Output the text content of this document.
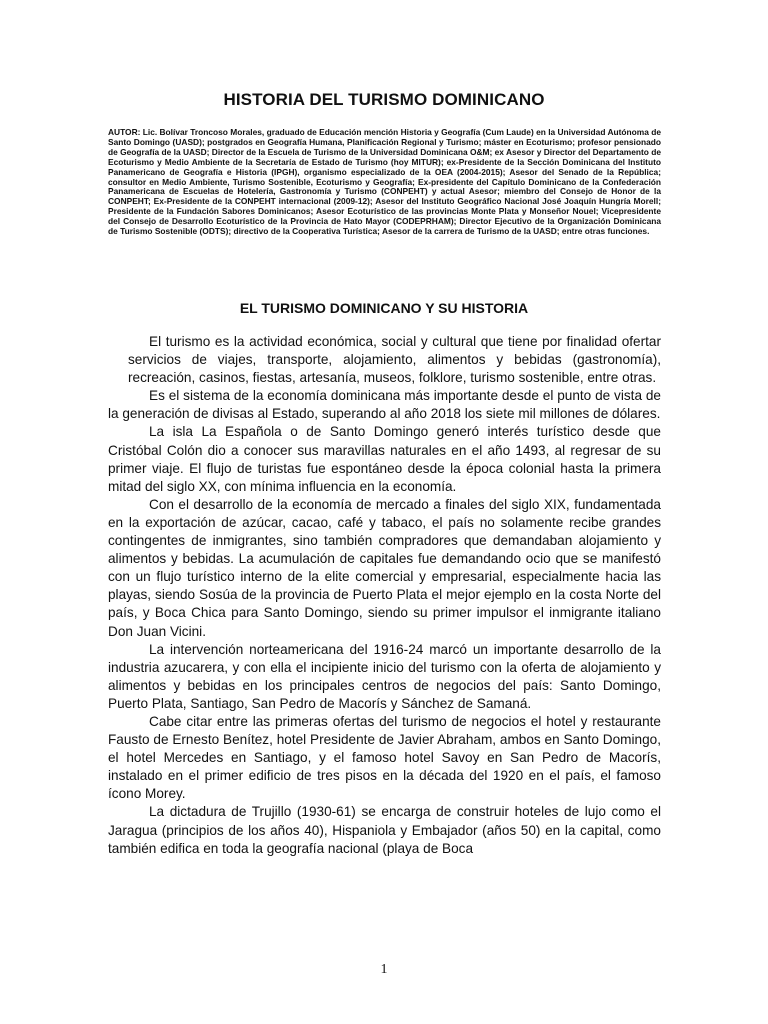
HISTORIA DEL TURISMO DOMINICANO
AUTOR: Lic. Bolívar Troncoso Morales, graduado de Educación mención Historia y Geografía (Cum Laude) en la Universidad Autónoma de Santo Domingo (UASD); postgrados en Geografía Humana, Planificación Regional y Turismo; máster en Ecoturismo; profesor pensionado de Geografía de la UASD; Director de la Escuela de Turismo de la Universidad Dominicana O&M; ex Asesor y Director del Departamento de Ecoturismo y Medio Ambiente de la Secretaría de Estado de Turismo (hoy MITUR); ex-Presidente de la Sección Dominicana del Instituto Panamericano de Geografía e Historia (IPGH), organismo especializado de la OEA (2004-2015); Asesor del Senado de la República; consultor en Medio Ambiente, Turismo Sostenible, Ecoturismo y Geografía; Ex-presidente del Capítulo Dominicano de la Confederación Panamericana de Escuelas de Hotelería, Gastronomía y Turismo (CONPEHT) y actual Asesor; miembro del Consejo de Honor de la CONPEHT; Ex-Presidente de la CONPEHT internacional (2009-12); Asesor del Instituto Geográfico Nacional José Joaquín Hungría Morell; Presidente de la Fundación Sabores Dominicanos; Asesor Ecoturístico de las provincias Monte Plata y Monseñor Nouel; Vicepresidente del Consejo de Desarrollo Ecoturístico de la Provincia de Hato Mayor (CODEPRHAM); Director Ejecutivo de la Organización Dominicana de Turismo Sostenible (ODTS); directivo de la Cooperativa Turística; Asesor de la carrera de Turismo de la UASD; entre otras funciones.
EL TURISMO DOMINICANO Y SU HISTORIA

El turismo es la actividad económica, social y cultural que tiene por finalidad ofertar servicios de viajes, transporte, alojamiento, alimentos y bebidas (gastronomía), recreación, casinos, fiestas, artesanía, museos, folklore, turismo sostenible, entre otras.

Es el sistema de la economía dominicana más importante desde el punto de vista de la generación de divisas al Estado, superando al año 2018 los siete mil millones de dólares.

La isla La Española o de Santo Domingo generó interés turístico desde que Cristóbal Colón dio a conocer sus maravillas naturales en el año 1493, al regresar de su primer viaje. El flujo de turistas fue espontáneo desde la época colonial hasta la primera mitad del siglo XX, con mínima influencia en la economía.

Con el desarrollo de la economía de mercado a finales del siglo XIX, fundamentada en la exportación de azúcar, cacao, café y tabaco, el país no solamente recibe grandes contingentes de inmigrantes, sino también compradores que demandaban alojamiento y alimentos y bebidas. La acumulación de capitales fue demandando ocio que se manifestó con un flujo turístico interno de la elite comercial y empresarial, especialmente hacia las playas, siendo Sosúa de la provincia de Puerto Plata el mejor ejemplo en la costa Norte del país, y Boca Chica para Santo Domingo, siendo su primer impulsor el inmigrante italiano Don Juan Vicini.

La intervención norteamericana del 1916-24 marcó un importante desarrollo de la industria azucarera, y con ella el incipiente inicio del turismo con la oferta de alojamiento y alimentos y bebidas en los principales centros de negocios del país: Santo Domingo, Puerto Plata, Santiago, San Pedro de Macorís y Sánchez de Samaná.

Cabe citar entre las primeras ofertas del turismo de negocios el hotel y restaurante Fausto de Ernesto Benítez, hotel Presidente de Javier Abraham, ambos en Santo Domingo, el hotel Mercedes en Santiago, y el famoso hotel Savoy en San Pedro de Macorís, instalado en el primer edificio de tres pisos en la década del 1920 en el país, el famoso ícono Morey.

La dictadura de Trujillo (1930-61) se encarga de construir hoteles de lujo como el Jaragua (principios de los años 40), Hispaniola y Embajador (años 50) en la capital, como también edifica en toda la geografía nacional (playa de Boca

1
